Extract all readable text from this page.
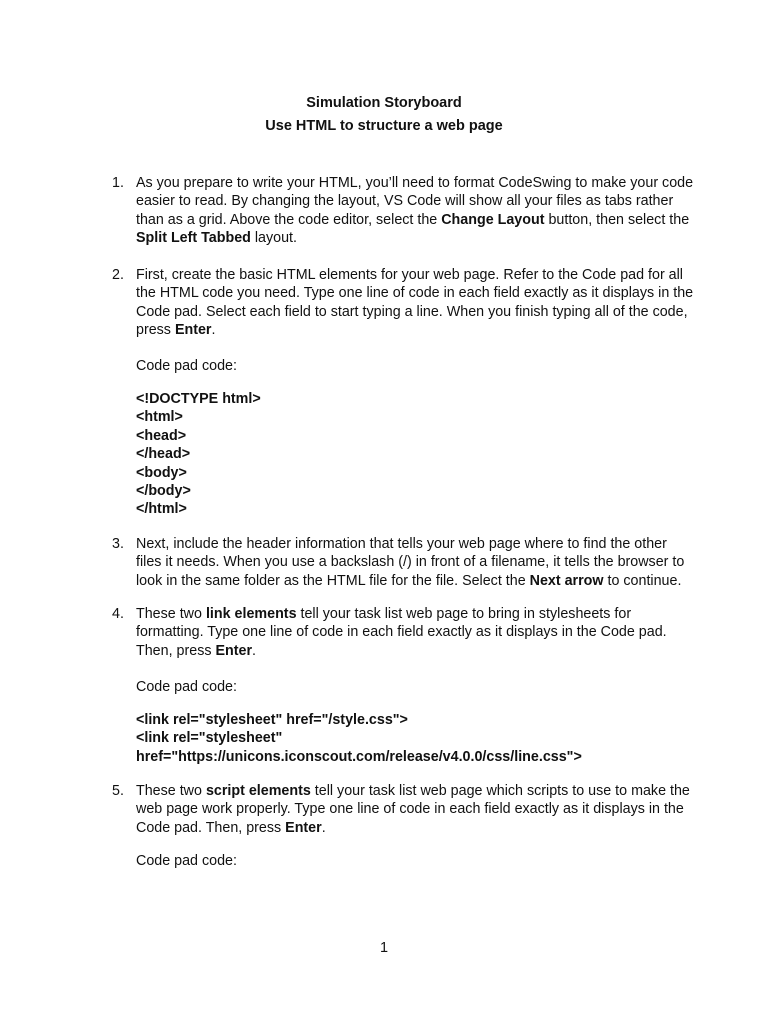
Simulation Storyboard
Use HTML to structure a web page
1. As you prepare to write your HTML, you’ll need to format CodeSwing to make your code
easier to read. By changing the layout, VS Code will show all your files as tabs rather
than as a grid. Above the code editor, select the Change Layout button, then select the
Split Left Tabbed layout.
2. First, create the basic HTML elements for your web page. Refer to the Code pad for all
the HTML code you need. Type one line of code in each field exactly as it displays in the
Code pad. Select each field to start typing a line. When you finish typing all of the code,
press Enter.
Code pad code:
<!DOCTYPE html>
<html>
<head>
</head>
<body>
</body>
</html>
3. Next, include the header information that tells your web page where to find the other
files it needs. When you use a backslash (/) in front of a filename, it tells the browser to
look in the same folder as the HTML file for the file. Select the Next arrow to continue.
4. These two link elements tell your task list web page to bring in stylesheets for
formatting. Type one line of code in each field exactly as it displays in the Code pad.
Then, press Enter.
Code pad code:
<link rel="stylesheet" href="/style.css">
<link rel="stylesheet"
href="https://unicons.iconscout.com/release/v4.0.0/css/line.css">
5. These two script elements tell your task list web page which scripts to use to make the
web page work properly. Type one line of code in each field exactly as it displays in the
Code pad. Then, press Enter.
Code pad code:
1
